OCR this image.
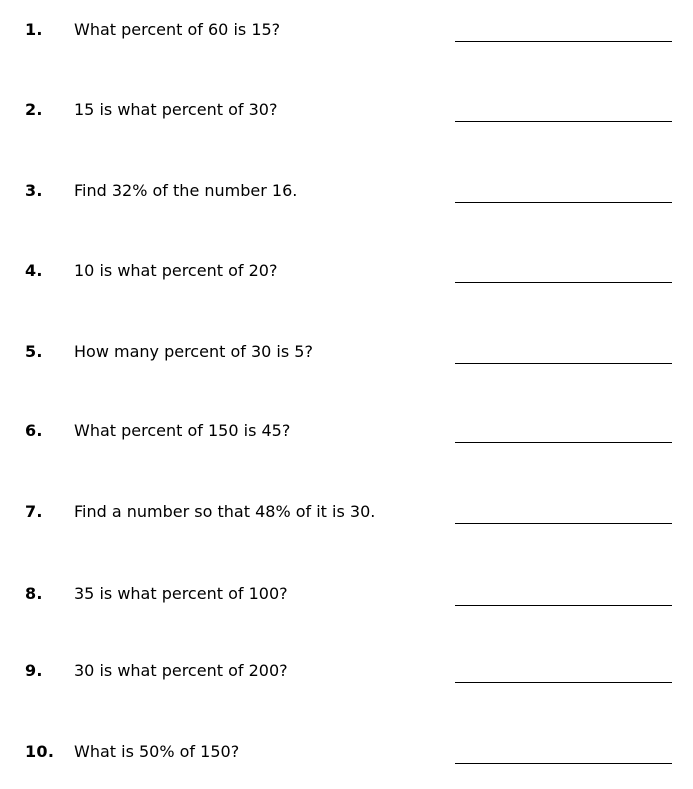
1. What percent of 60 is 15?
2. 15 is what percent of 30?
3. Find 32% of the number 16.
4. 10 is what percent of 20?
5. How many percent of 30 is 5?
6. What percent of 150 is 45?
7. Find a number so that 48% of it is 30.
8. 35 is what percent of 100?
9. 30 is what percent of 200?
10. What is 50% of 150?
